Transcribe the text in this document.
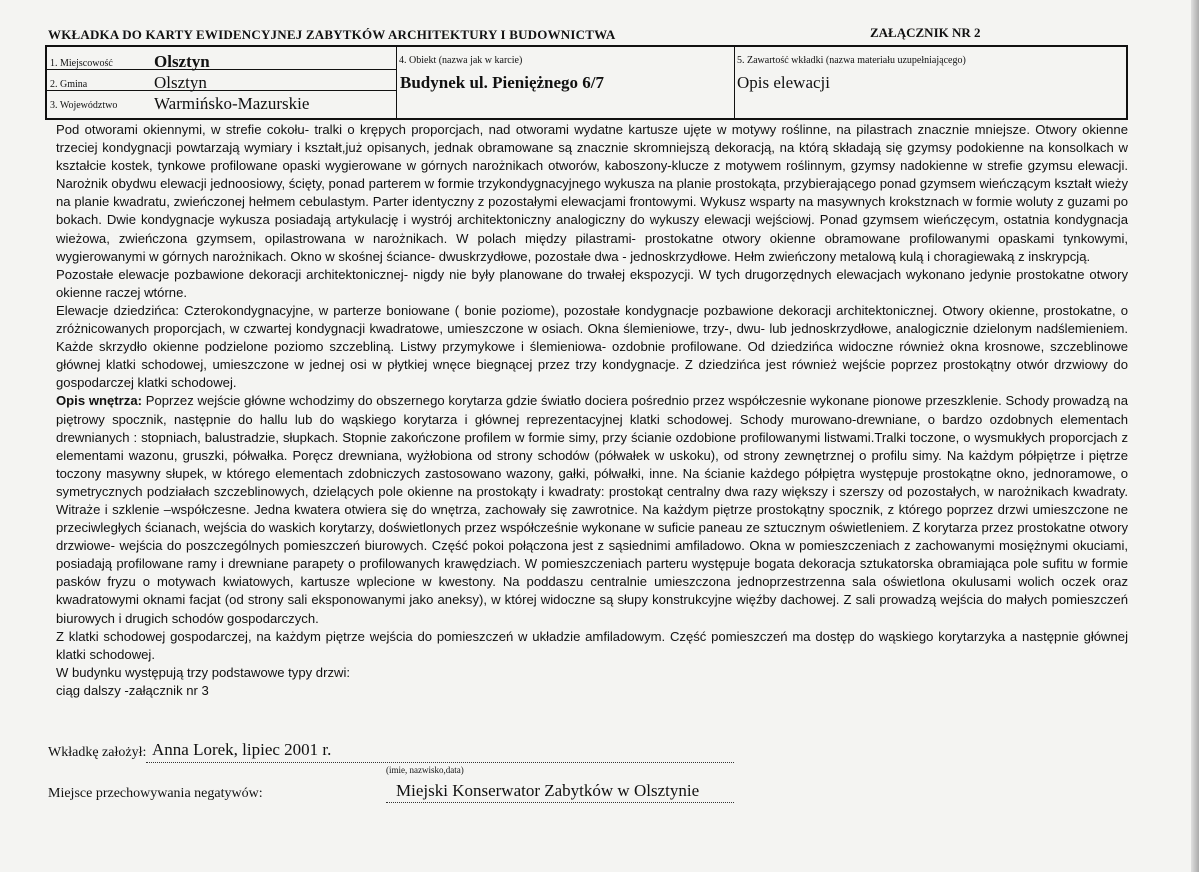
WKŁADKA DO KARTY EWIDENCYJNEJ ZABYTKÓW ARCHITEKTURY I BUDOWNICTWA	ZAŁĄCZNIK NR 2
1. Miejscowość Olsztyn
2. Gmina	Olsztyn
3. Województwo Warmińsko-Mazurskie
4. Obiekt (nazwa jak w karcie)
Budynek ul. Pieniężnego 6/7
5. Zawartość wkładki (nazwa materiału uzupełniającego)
Opis elewacji

Pod otworami okiennymi, w strefie cokołu- tralki o krępych proporcjach, nad otworami wydatne kartusze ujęte w motywy roślinne, na pilastrach znacznie mniejsze. Otwory okienne trzeciej kondygnacji powtarzają wymiary i kształt,już opisanych, jednak obramowane są znacznie skromniejszą dekoracją, na którą składają się gzymsy podokienne na konsolkach w kształcie kostek, tynkowe profilowane opaski wygierowane w górnych narożnikach otworów, kaboszony-klucze z motywem roślinnym, gzymsy nadokienne w strefie gzymsu elewacji. Narożnik obydwu elewacji jednoosiowy, ścięty, ponad parterem w formie trzykondygnacyjnego wykusza na planie prostokąta, przybierającego ponad gzymsem wieńczącym kształt wieży na planie kwadratu, zwieńczonej hełmem cebulastym. Parter identyczny z pozostałymi elewacjami frontowymi. Wykusz wsparty na masywnych krokstznach w formie woluty z guzami po bokach. Dwie kondygnacje wykusza posiadają artykulację i wystrój architektoniczny analogiczny do wykuszy elewacji wejściowj. Ponad gzymsem wieńczęcym, ostatnia kondygnacja wieżowa, zwieńczona gzymsem, opilastrowana w narożnikach. W polach między pilastrami- prostokatne otwory okienne obramowane profilowanymi opaskami tynkowymi, wygierowanymi w górnych narożnikach. Okno w skośnej ściance- dwuskrzydłowe, pozostałe dwa - jednoskrzydłowe. Hełm zwieńczony metalową kulą i choragiewaką z inskrypcją.

Pozostałe elewacje pozbawione dekoracji architektonicznej- nigdy nie były planowane do trwałej ekspozycji. W tych drugorzędnych elewacjach wykonano jedynie prostokatne otwory okienne raczej wtórne.

Elewacje dziedzińca: Czterokondygnacyjne, w parterze boniowane ( bonie poziome), pozostałe kondygnacje pozbawione dekoracji architektonicznej. Otwory okienne, prostokatne, o zróżnicowanych proporcjach, w czwartej kondygnacji kwadratowe, umieszczone w osiach. Okna ślemieniowe, trzy-, dwu- lub jednoskrzydłowe, analogicznie dzielonym nadślemieniem. Każde skrzydło okienne podzielone poziomo szczebliną. Listwy przymykowe i ślemieniowa- ozdobnie profilowane. Od dziedzińca widoczne również okna krosnowe, szczeblinowe głównej klatki schodowej, umieszczone w jednej osi w płytkiej wnęce biegnącej przez trzy kondygnacje. Z dziedzińca jest również wejście poprzez prostokątny otwór drzwiowy do gospodarczej klatki schodowej.

Opis wnętrza: Poprzez wejście główne wchodzimy do obszernego korytarza gdzie światło dociera pośrednio przez współczesnie wykonane pionowe przeszklenie. Schody prowadzą na piętrowy spocznik, następnie do hallu lub do wąskiego korytarza i głównej reprezentacyjnej klatki schodowej. Schody murowano-drewniane, o bardzo ozdobnych elementach drewnianych : stopniach, balustradzie, słupkach. Stopnie zakończone profilem w formie simy, przy ścianie ozdobione profilowanymi listwami.Tralki toczone, o wysmukłych proporcjach z elementami wazonu, gruszki, półwałka. Poręcz drewniana, wyżłobiona od strony schodów (półwałek w uskoku), od strony zewnętrznej o profilu simy. Na każdym półpiętrze i piętrze toczony masywny słupek, w którego elementach zdobniczych zastosowano wazony, gałki, półwałki, inne. Na ścianie każdego półpiętra występuje prostokątne okno, jednoramowe, o symetrycznych podziałach szczeblinowych, dzielących pole okienne na prostokąty i kwadraty: prostokąt centralny dwa razy większy i szerszy od pozostałych, w narożnikach kwadraty. Witraże i szklenie –współczesne. Jedna kwatera otwiera się do wnętrza, zachowały się zawrotnice. Na każdym piętrze prostokątny spocznik, z którego poprzez drzwi umieszczone ne przeciwległych ścianach, wejścia do waskich korytarzy, doświetlonych przez współcześnie wykonane w suficie paneau ze sztucznym oświetleniem. Z korytarza przez prostokatne otwory drzwiowe- wejścia do poszczególnych pomieszczeń biurowych. Część pokoi połączona jest z sąsiednimi amfiladowo. Okna w pomieszczeniach z zachowanymi mosiężnymi okuciami, posiadają profilowane ramy i drewniane parapety o profilowanych krawędziach. W pomieszczeniach parteru występuje bogata dekoracja sztukatorska obramiająca pole sufitu w formie pasków fryzu o motywach kwiatowych, kartusze wplecione w kwestony. Na poddaszu centralnie umieszczona jednoprzestrzenna sala oświetlona okulusami wolich oczek oraz kwadratowymi oknami facjat (od strony sali eksponowanymi jako aneksy), w której widoczne są słupy konstrukcyjne więźby dachowej. Z sali prowadzą wejścia do małych pomieszczeń biurowych i drugich schodów gospodarczych.

Z klatki schodowej gospodarczej, na każdym piętrze wejścia do pomieszczeń w układzie amfiladowym. Część pomieszczeń ma dostęp do wąskiego korytarzyka a następnie głównej klatki schodowej.

W budynku występują trzy podstawowe typy drzwi:

ciąg dalszy -załącznik nr 3

Wkładkę założył: Anna Lorek, lipiec 2001 r.
(imie, nazwisko,data)
Miejsce przechowywania negatywów:	Miejski Konserwator Zabytków w Olsztynie
